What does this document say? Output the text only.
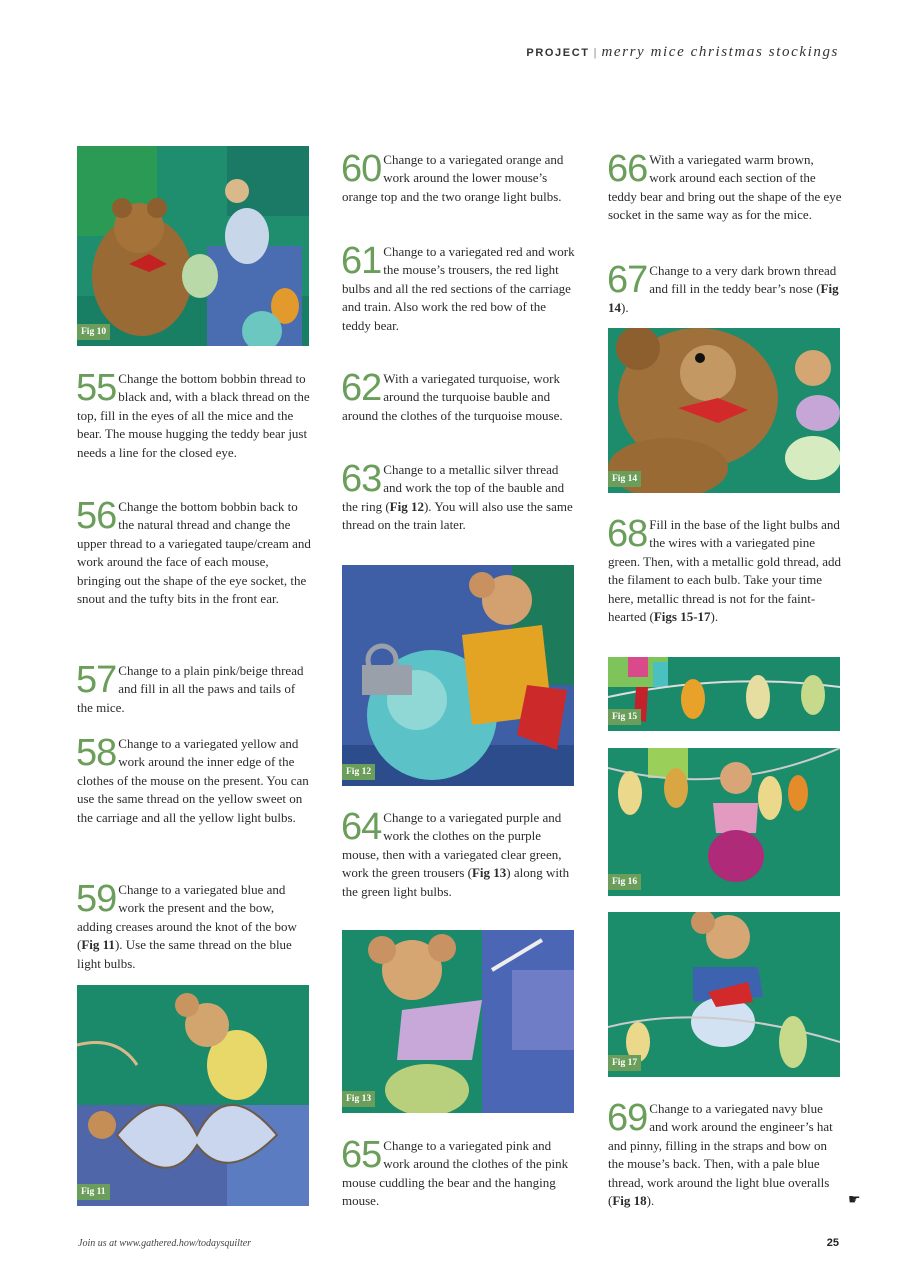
PROJECT | merry mice christmas stockings
Fig 10
55 Change the bottom bobbin thread to black and, with a black thread on the top, fill in the eyes of all the mice and the bear. The mouse hugging the teddy bear just needs a line for the closed eye.
56 Change the bottom bobbin back to the natural thread and change the upper thread to a variegated taupe/cream and work around the face of each mouse, bringing out the shape of the eye socket, the snout and the tufty bits in the front ear.
57 Change to a plain pink/beige thread and fill in all the paws and tails of the mice.
58 Change to a variegated yellow and work around the inner edge of the clothes of the mouse on the present. You can use the same thread on the yellow sweet on the carriage and all the yellow light bulbs.
59 Change to a variegated blue and work the present and the bow, adding creases around the knot of the bow (Fig 11). Use the same thread on the blue light bulbs.
Fig 11
60 Change to a variegated orange and work around the lower mouse’s orange top and the two orange light bulbs.
61 Change to a variegated red and work the mouse’s trousers, the red light bulbs and all the red sections of the carriage and train. Also work the red bow of the teddy bear.
62 With a variegated turquoise, work around the turquoise bauble and around the clothes of the turquoise mouse.
63 Change to a metallic silver thread and work the top of the bauble and the ring (Fig 12). You will also use the same thread on the train later.
Fig 12
64 Change to a variegated purple and work the clothes on the purple mouse, then with a variegated clear green, work the green trousers (Fig 13) along with the green light bulbs.
Fig 13
65 Change to a variegated pink and work around the clothes of the pink mouse cuddling the bear and the hanging mouse.
66 With a variegated warm brown, work around each section of the teddy bear and bring out the shape of the eye socket in the same way as for the mice.
67 Change to a very dark brown thread and fill in the teddy bear’s nose (Fig 14).
Fig 14
68 Fill in the base of the light bulbs and the wires with a variegated pine green. Then, with a metallic gold thread, add the filament to each bulb. Take your time here, metallic thread is not for the faint-hearted (Figs 15-17).
Fig 15
Fig 16
Fig 17
69 Change to a variegated navy blue and work around the engineer’s hat and pinny, filling in the straps and bow on the mouse’s back. Then, with a pale blue thread, work around the light blue overalls (Fig 18).	☛
Join us at www.gathered.how/todaysquilter	25
